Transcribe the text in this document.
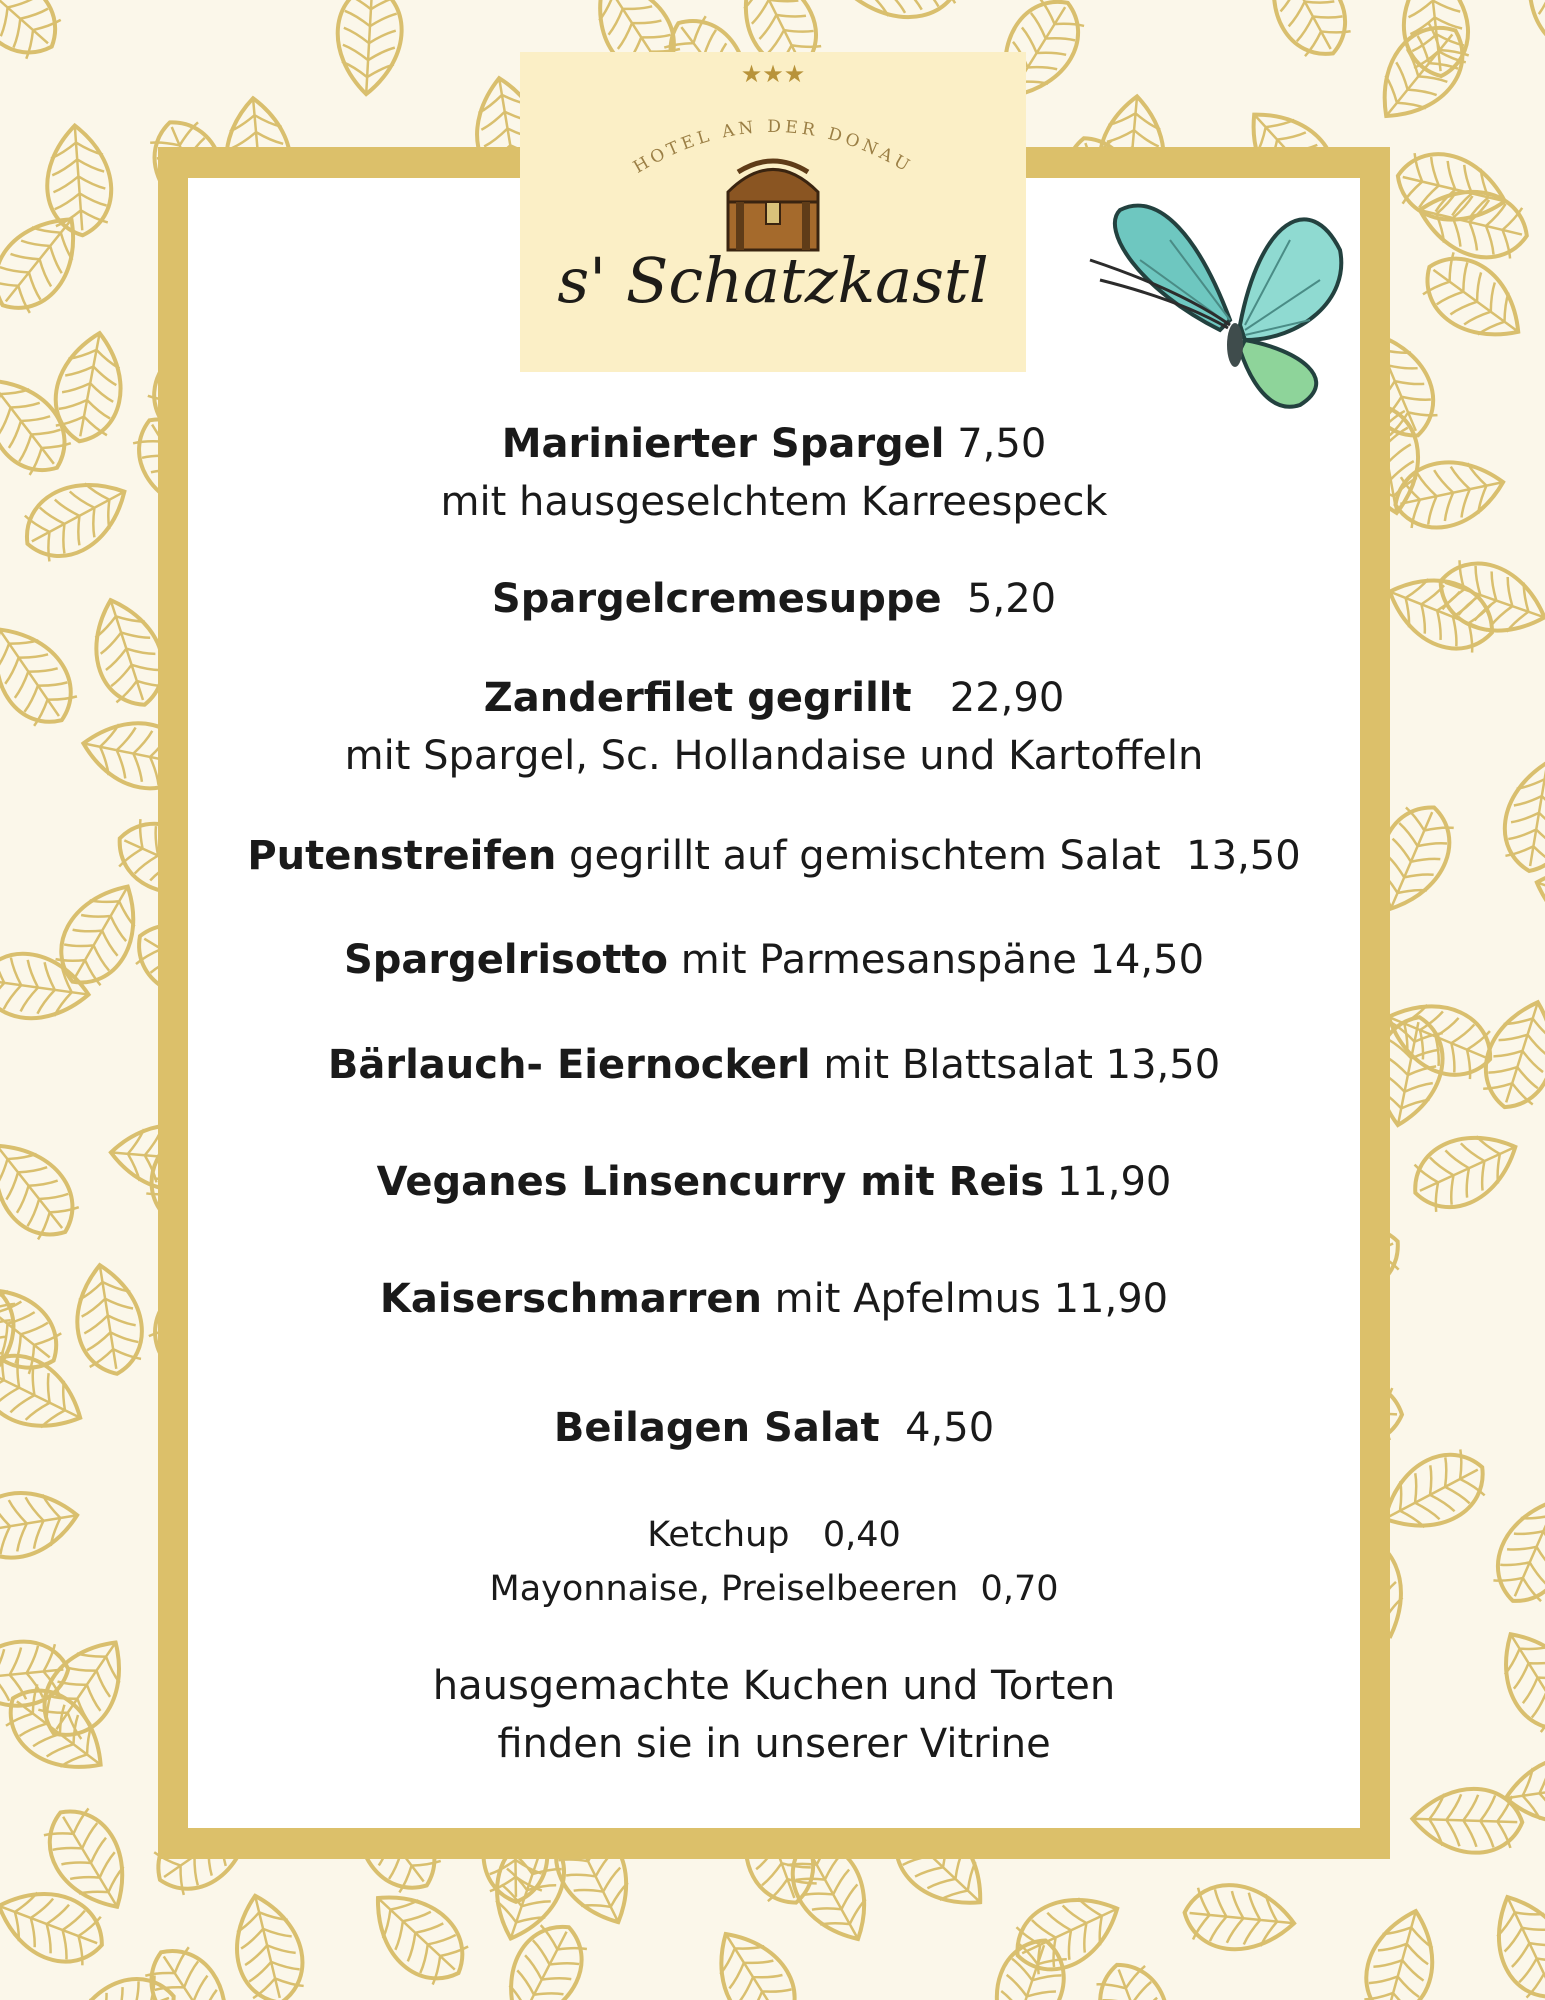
★★★
HOTEL AN DER DONAU
s' Schatzkastl
Marinierter Spargel 7,50
mit hausgeselchtem Karreespeck
Spargelcremesuppe  5,20
Zanderfilet gegrillt   22,90
mit Spargel, Sc. Hollandaise und Kartoffeln
Putenstreifen gegrillt auf gemischtem Salat  13,50
Spargelrisotto mit Parmesanspäne 14,50
Bärlauch- Eiernockerl mit Blattsalat 13,50
Veganes Linsencurry mit Reis 11,90
Kaiserschmarren mit Apfelmus 11,90
Beilagen Salat  4,50
Ketchup   0,40
Mayonnaise, Preiselbeeren  0,70
hausgemachte Kuchen und Torten
finden sie in unserer Vitrine
